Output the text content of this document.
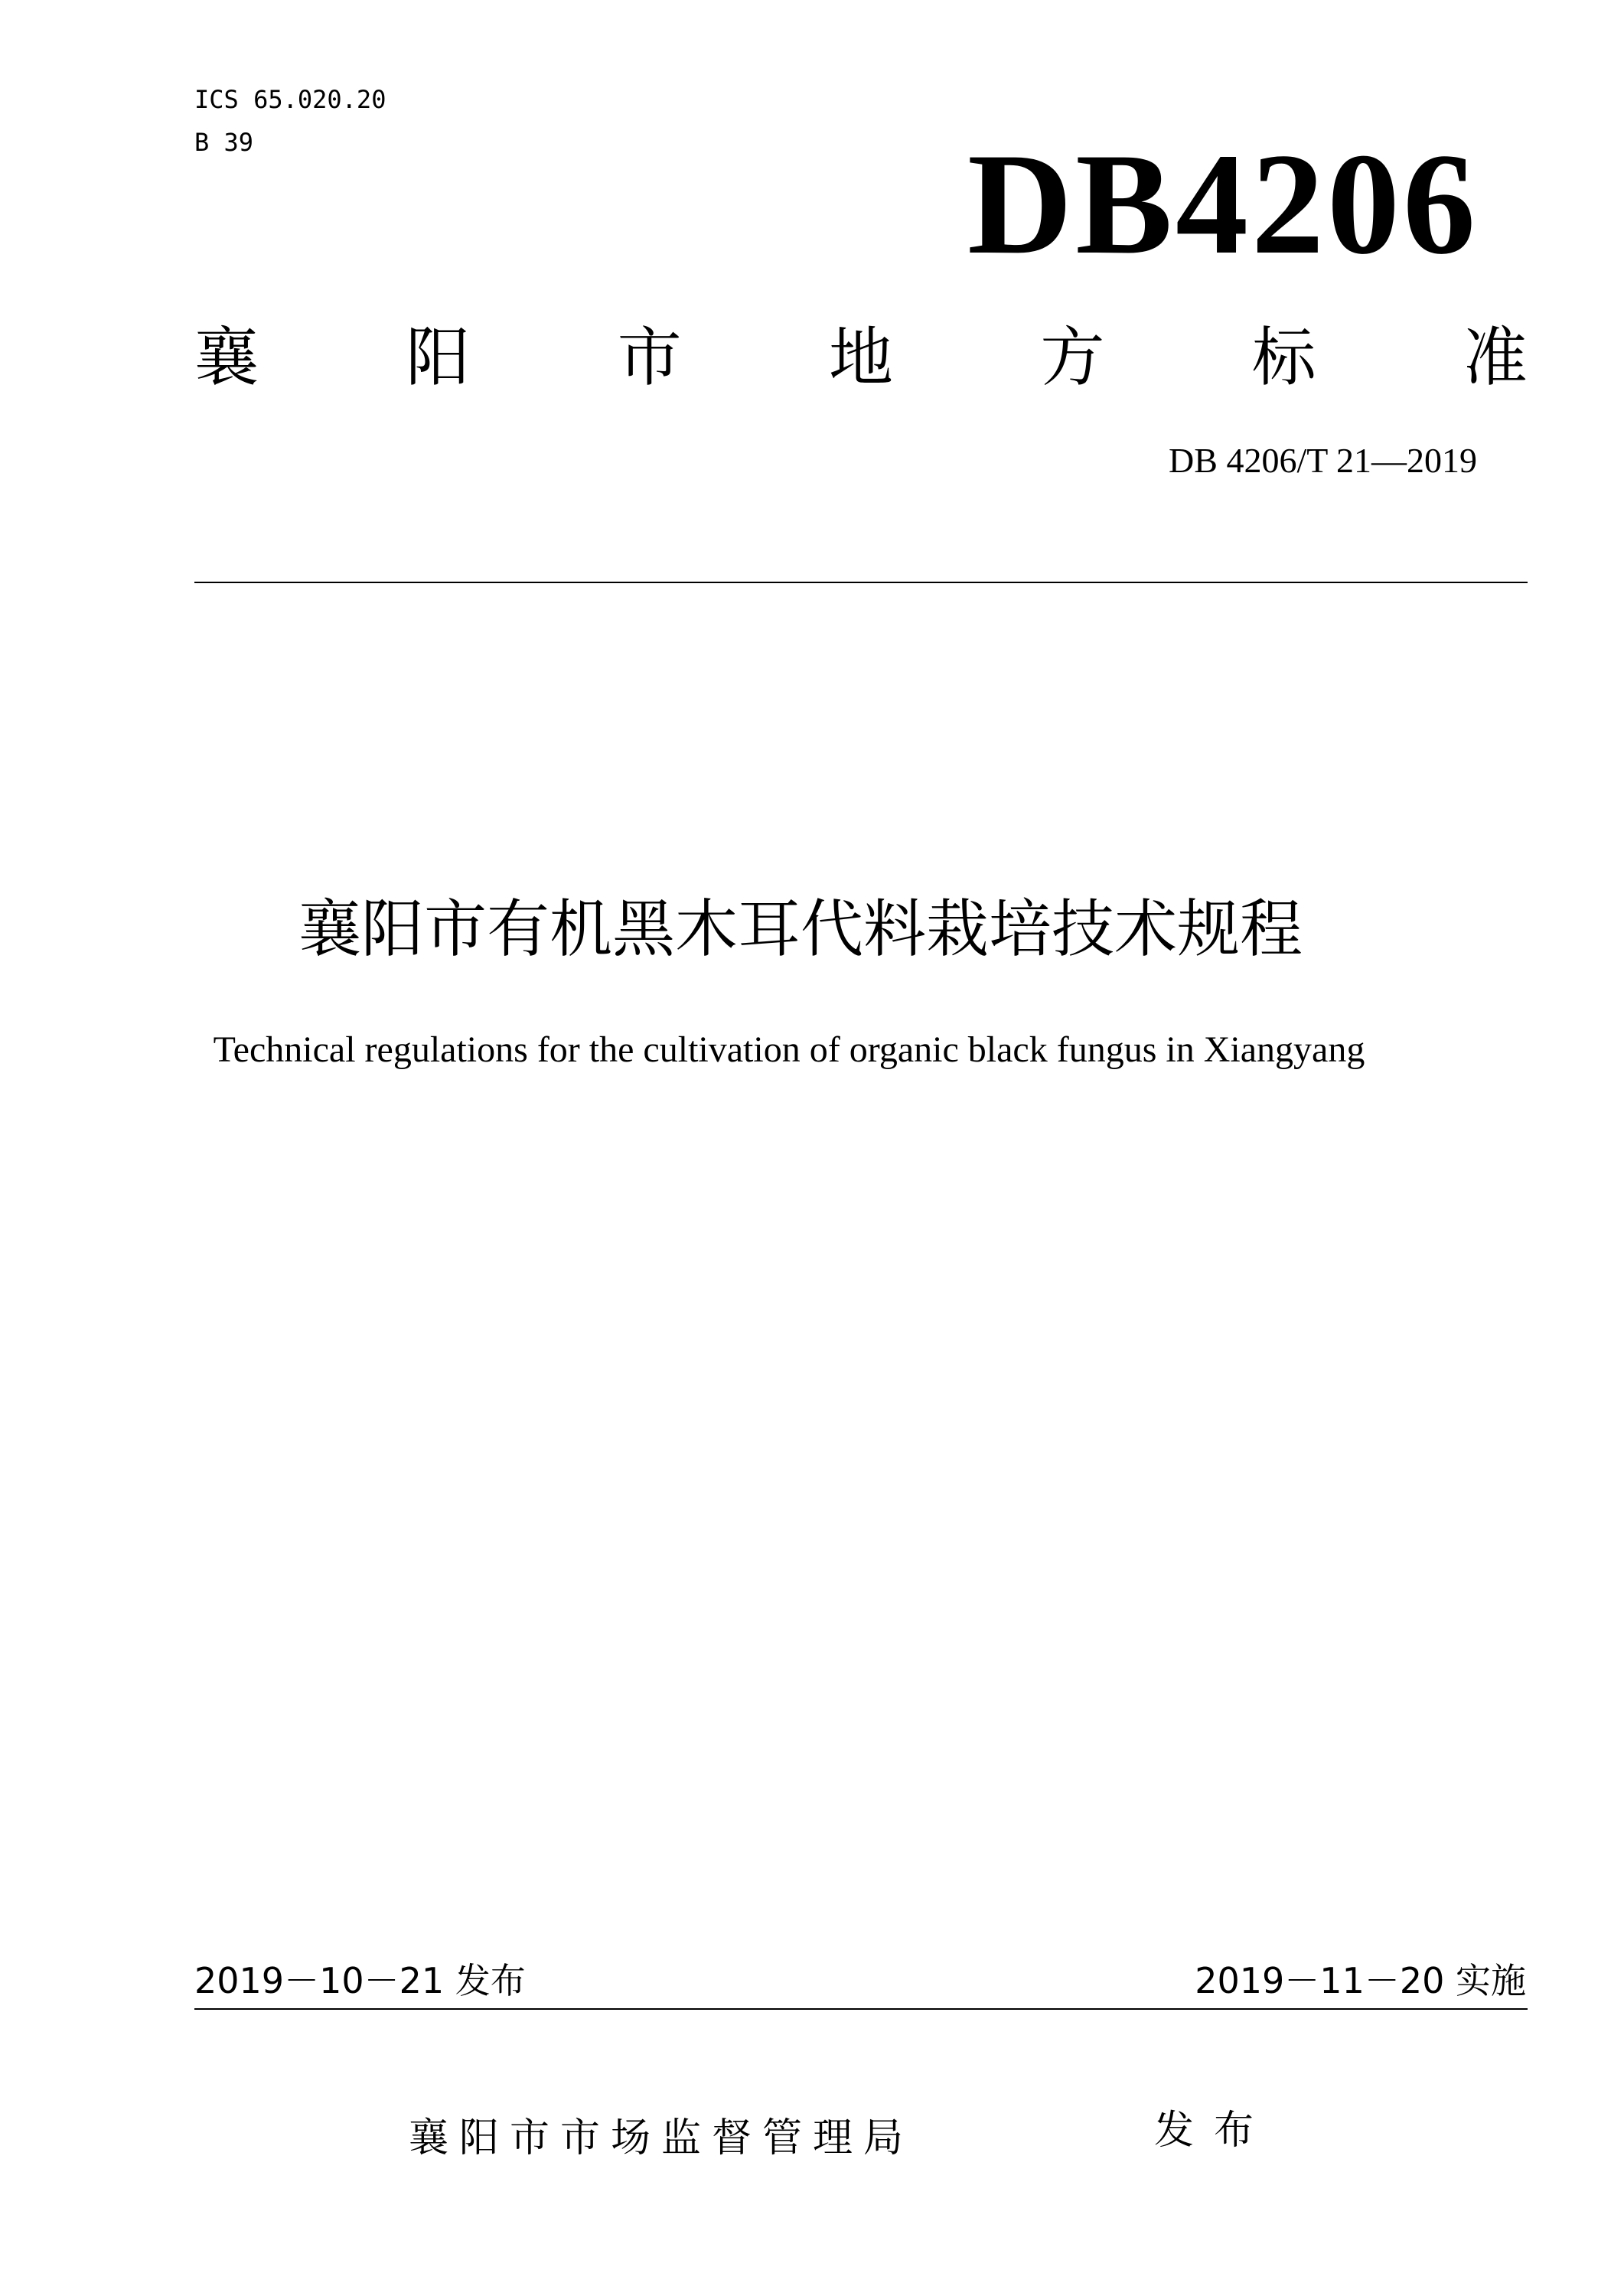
ICS 65.020.20
B 39	DB4206
襄 阳 市 地 方 标 准
DB 4206/T 21—2019
襄阳市有机黑木耳代料栽培技术规程
Technical regulations for the cultivation of organic black fungus in Xiangyang
2019－10－21 发布	2019－11－20 实施
襄阳市市场监督管理局	发布
